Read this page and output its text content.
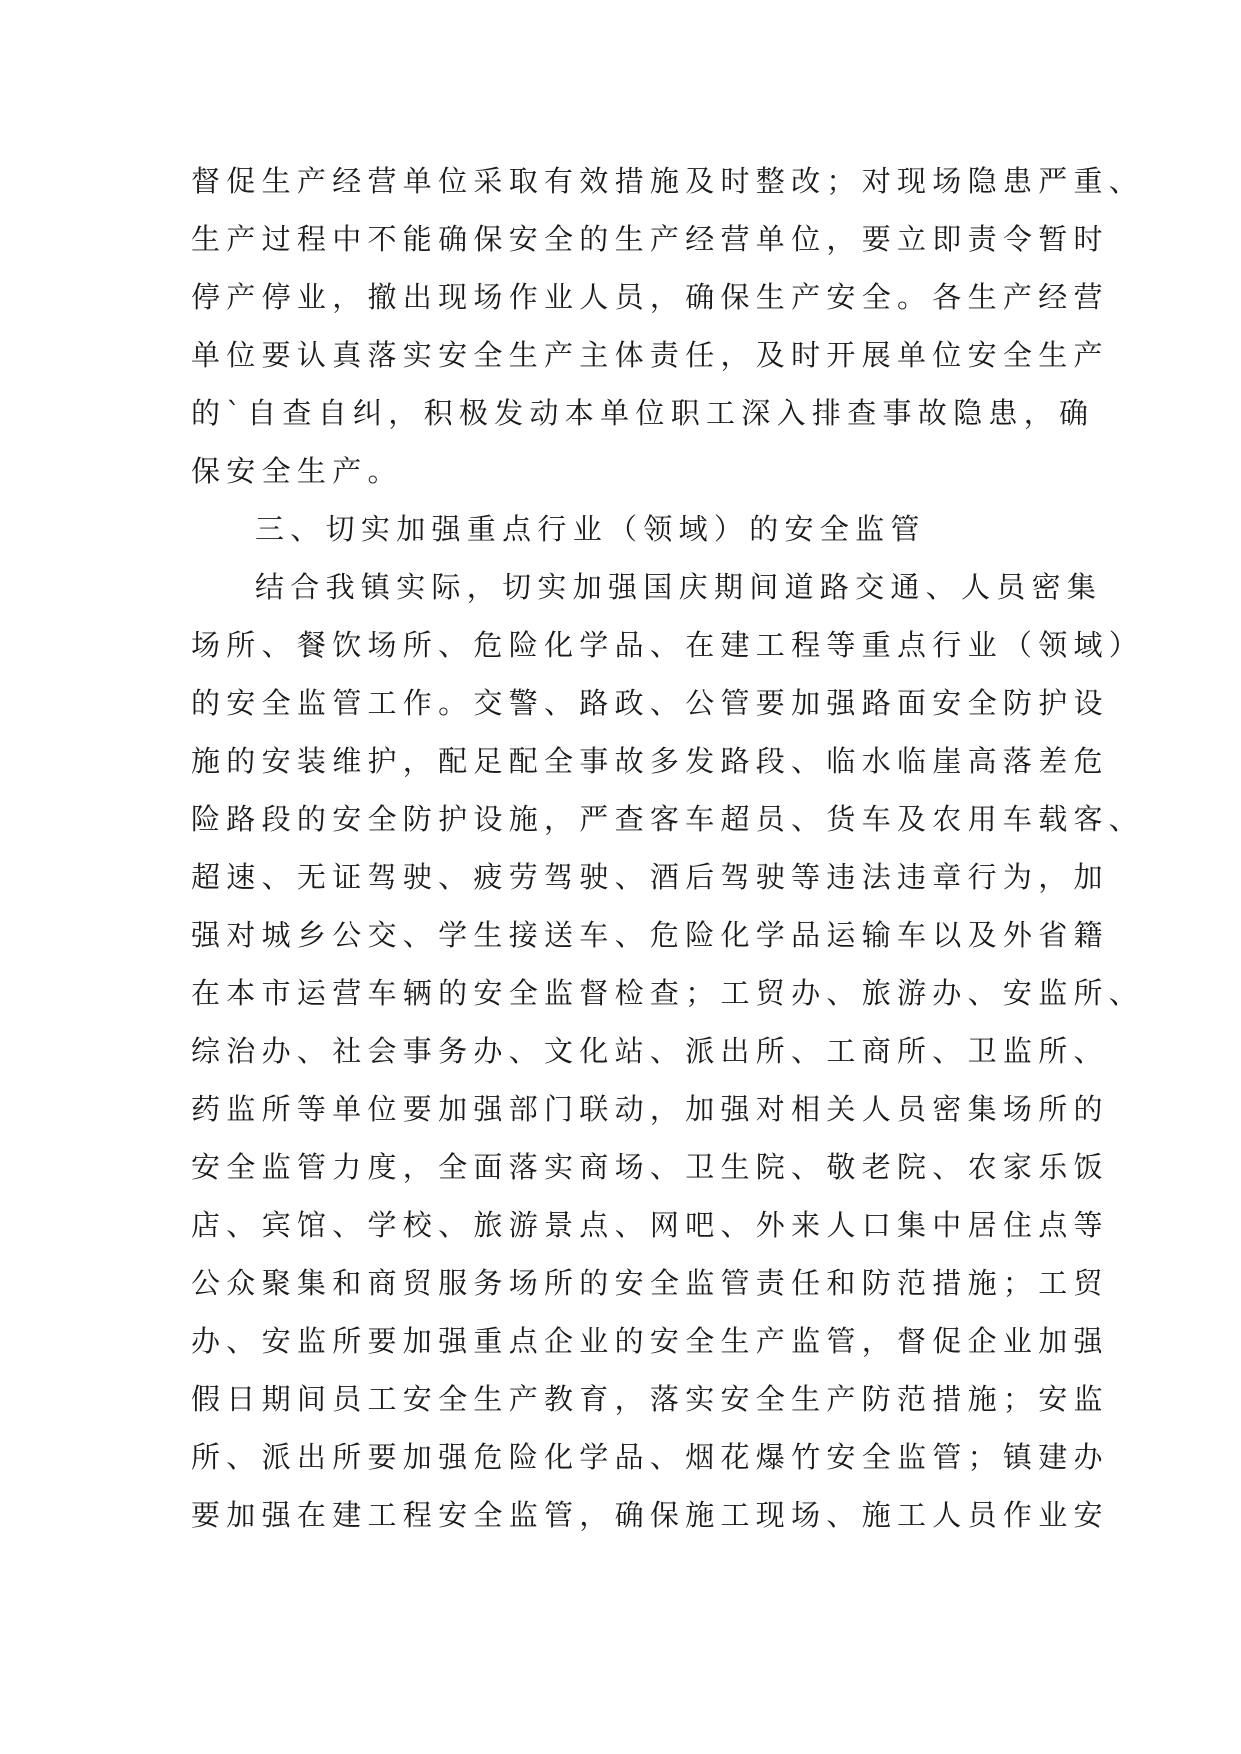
督促生产经营单位采取有效措施及时整改；对现场隐患严重、
生产过程中不能确保安全的生产经营单位，要立即责令暂时
停产停业，撤出现场作业人员，确保生产安全。各生产经营
单位要认真落实安全生产主体责任，及时开展单位安全生产
的`自查自纠，积极发动本单位职工深入排查事故隐患，确
保安全生产。
三、切实加强重点行业（领域）的安全监管
结合我镇实际，切实加强国庆期间道路交通、人员密集
场所、餐饮场所、危险化学品、在建工程等重点行业（领域）
的安全监管工作。交警、路政、公管要加强路面安全防护设
施的安装维护，配足配全事故多发路段、临水临崖高落差危
险路段的安全防护设施，严查客车超员、货车及农用车载客、
超速、无证驾驶、疲劳驾驶、酒后驾驶等违法违章行为，加
强对城乡公交、学生接送车、危险化学品运输车以及外省籍
在本市运营车辆的安全监督检查；工贸办、旅游办、安监所、
综治办、社会事务办、文化站、派出所、工商所、卫监所、
药监所等单位要加强部门联动，加强对相关人员密集场所的
安全监管力度，全面落实商场、卫生院、敬老院、农家乐饭
店、宾馆、学校、旅游景点、网吧、外来人口集中居住点等
公众聚集和商贸服务场所的安全监管责任和防范措施；工贸
办、安监所要加强重点企业的安全生产监管，督促企业加强
假日期间员工安全生产教育，落实安全生产防范措施；安监
所、派出所要加强危险化学品、烟花爆竹安全监管；镇建办
要加强在建工程安全监管，确保施工现场、施工人员作业安
